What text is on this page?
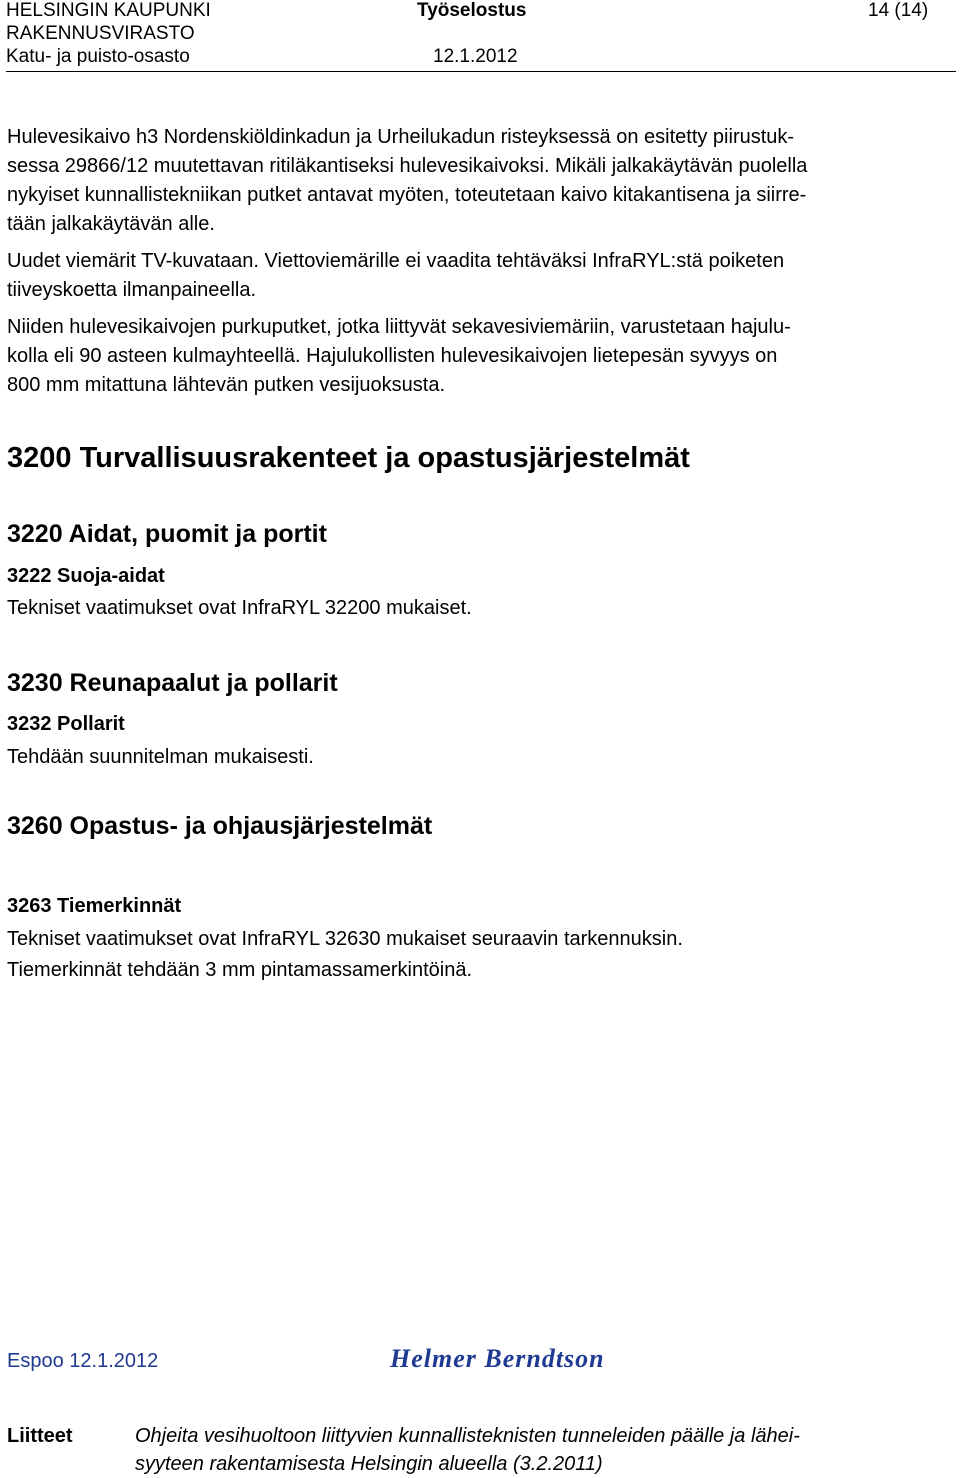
HELSINGIN KAUPUNKI
RAKENNUSVIRASTO
Katu- ja puisto-osasto
Työselostus
12.1.2012
14 (14)

Hulevesikaivo h3 Nordenskiöldinkadun ja Urheilukadun risteyksessä on esitetty piirustuk-

sessa 29866/12 muutettavan ritiläkantiseksi hulevesikaivoksi. Mikäli jalkakäytävän puolella

nykyiset kunnallistekniikan putket antavat myöten, toteutetaan kaivo kitakantisena ja siirre-

tään jalkakäytävän alle.

Uudet viemärit TV-kuvataan. Viettoviemärille ei vaadita tehtäväksi InfraRYL:stä poiketen

tiiveyskoetta ilmanpaineella.

Niiden hulevesikaivojen purkuputket, jotka liittyvät sekavesiviemäriin, varustetaan hajulu-

kolla eli 90 asteen kulmayhteellä. Hajulukollisten hulevesikaivojen lietepesän syvyys on

800 mm mitattuna lähtevän putken vesijuoksusta.

3200 Turvallisuusrakenteet ja opastusjärjestelmät
3220 Aidat, puomit ja portit
3222 Suoja-aidat
Tekniset vaatimukset ovat InfraRYL 32200 mukaiset.
3230 Reunapaalut ja pollarit
3232 Pollarit
Tehdään suunnitelman mukaisesti.
3260 Opastus- ja ohjausjärjestelmät
3263 Tiemerkinnät
Tekniset vaatimukset ovat InfraRYL 32630 mukaiset seuraavin tarkennuksin.
Tiemerkinnät tehdään 3 mm pintamassamerkintöinä.
Espoo 12.1.2012	Helmer Berndtson
Liitteet	Ohjeita vesihuoltoon liittyvien kunnallisteknisten tunneleiden päälle ja lähei-
syyteen rakentamisesta Helsingin alueella (3.2.2011)
